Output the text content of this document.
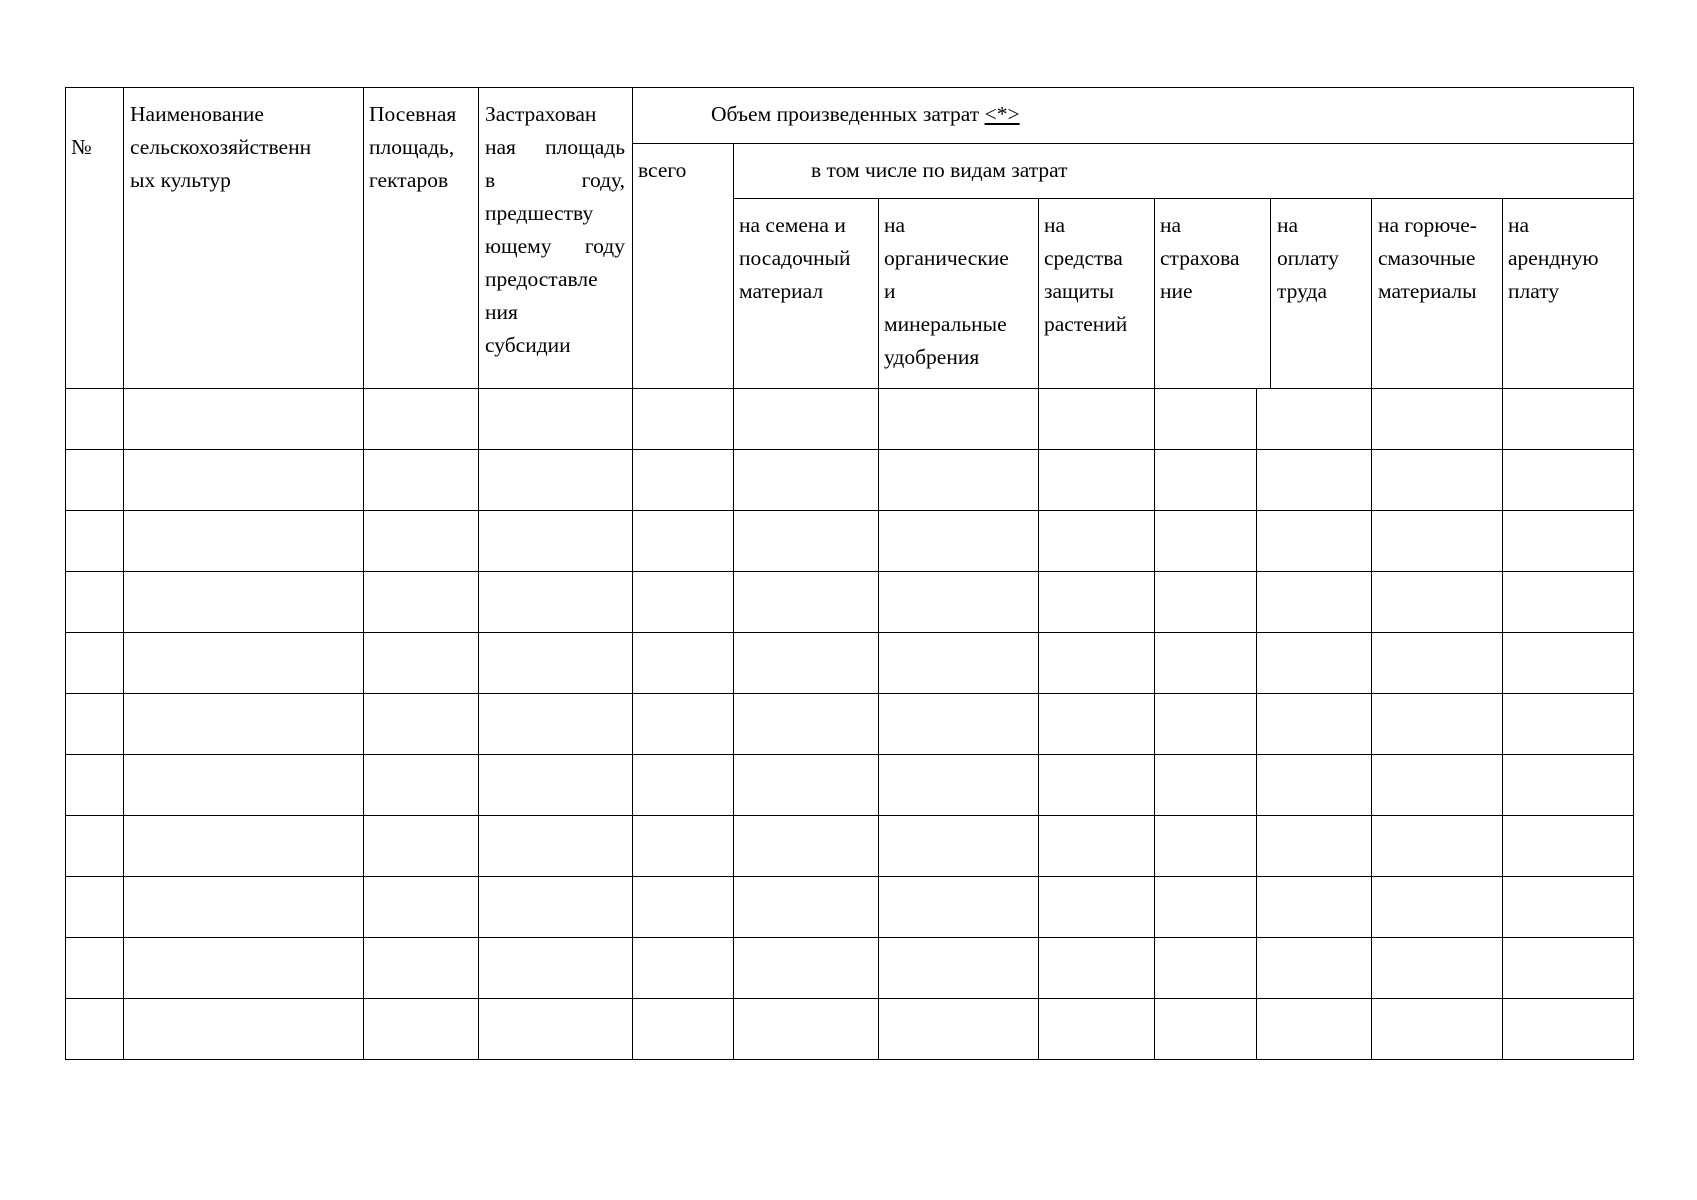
№
Наименование
сельскохозяйственн
ых культур
Посевная
площадь,
гектаров
Застрахован
ная площадь
в	году,
предшеству
ющему году
предоставле
ния
субсидии
Объем произведенных затрат <*>
всего	в том числе по видам затрат
на семена и
посадочный
материал
на
органические
и
минеральные
удобрения
на
средства
защиты
растений
на
страхова
ние
на
оплату
труда
на горюче-
смазочные
материалы
на
арендную
плату
